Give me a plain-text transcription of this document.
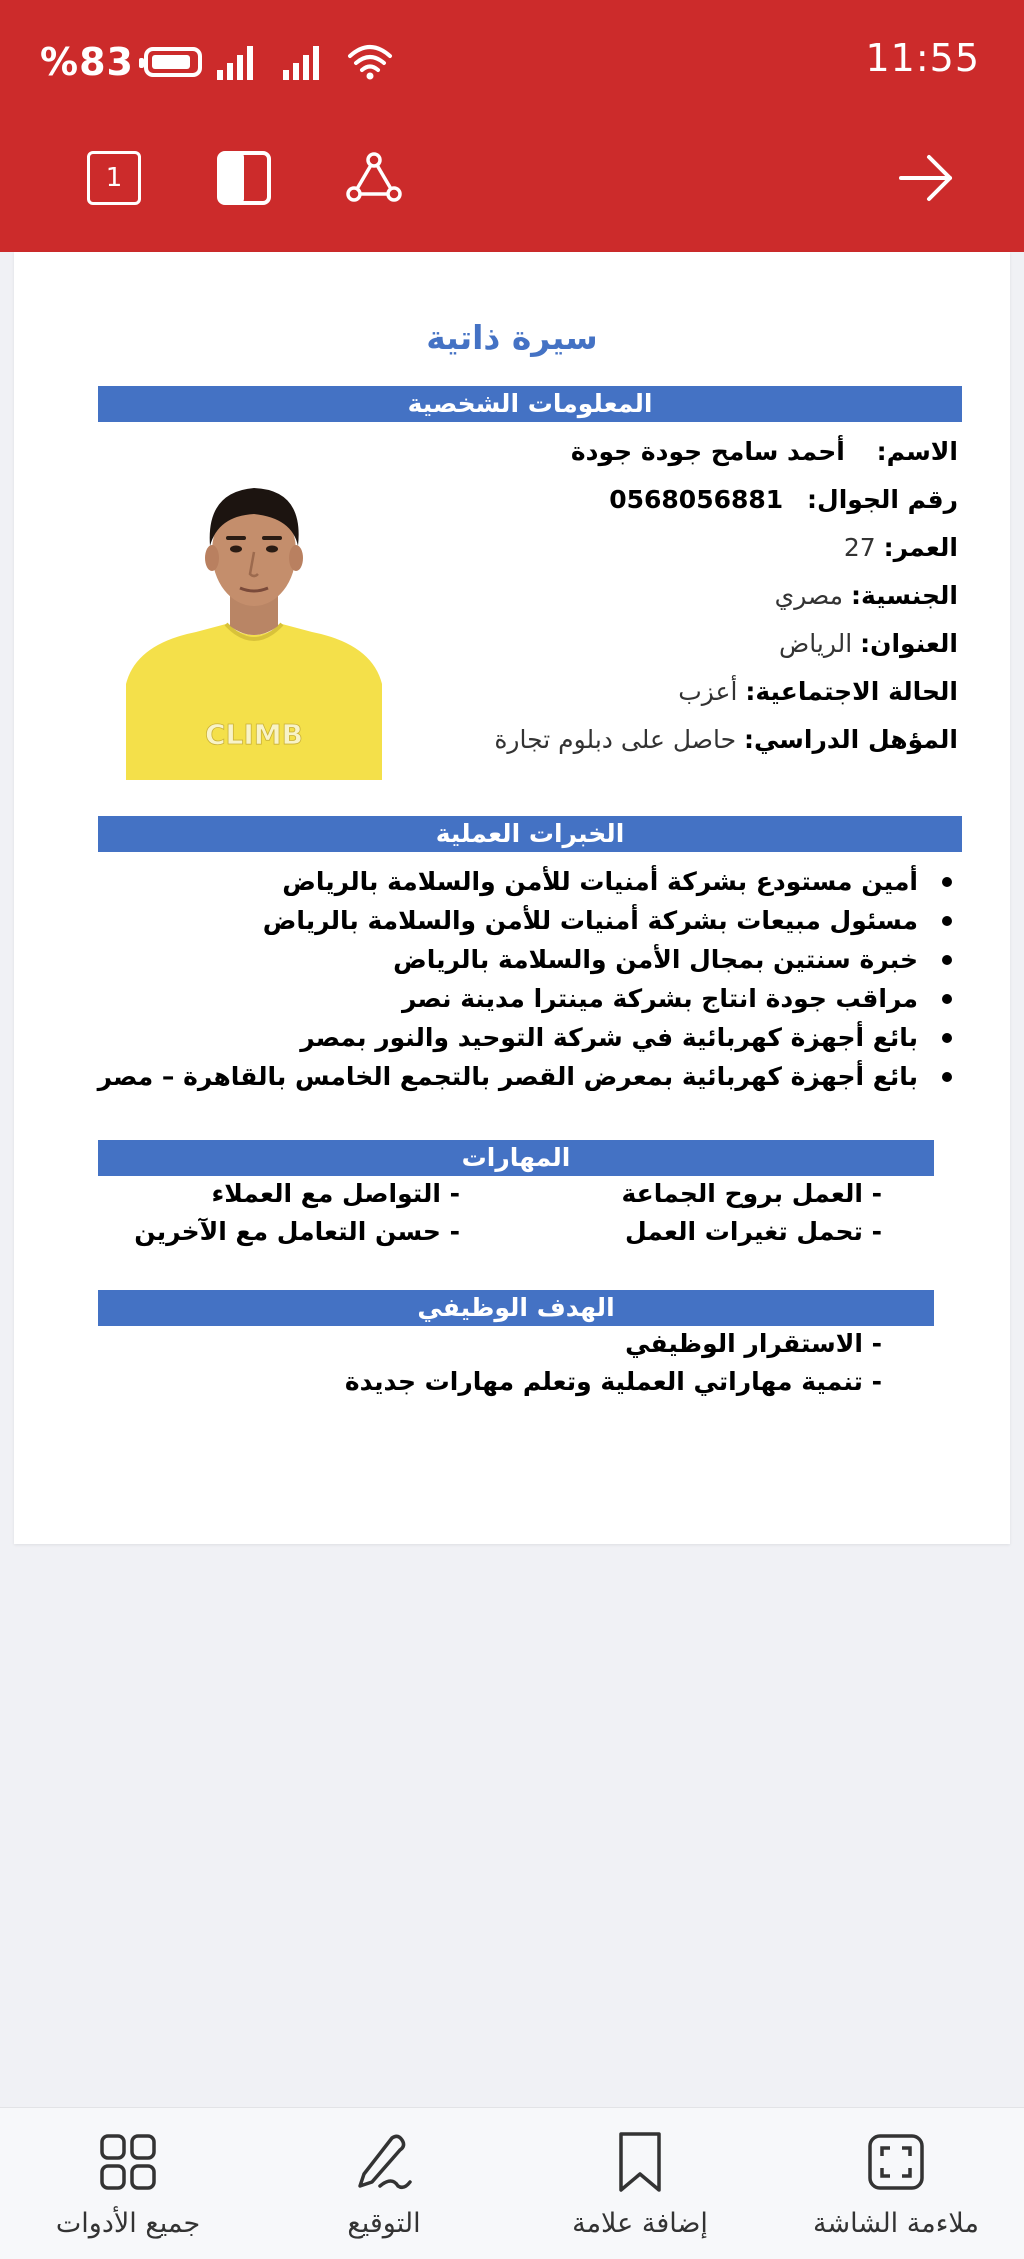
%83	11:55
1
سيرة ذاتية
المعلومات الشخصية
الاسم:    أحمد سامح جودة جودة
رقم الجوال:   0568056881
العمر: 27
الجنسية: مصري
العنوان: الرياض
الحالة الاجتماعية: أعزب
المؤهل الدراسي: حاصل على دبلوم تجارة
CLIMB
الخبرات العملية
أمين مستودع بشركة أمنيات للأمن والسلامة بالرياض
مسئول مبيعات بشركة أمنيات للأمن والسلامة بالرياض
خبرة سنتين بمجال الأمن والسلامة بالرياض
مراقب جودة انتاج بشركة مينترا مدينة نصر
بائع أجهزة كهربائية في شركة التوحيد والنور بمصر
بائع أجهزة كهربائية بمعرض القصر بالتجمع الخامس بالقاهرة – مصر
المهارات
- العمل بروح الجماعة
- تحمل تغيرات العمل
- التواصل مع العملاء
- حسن التعامل مع الآخرين
الهدف الوظيفي
- الاستقرار الوظيفي
- تنمية مهاراتي العملية وتعلم مهارات جديدة
ملاءمة الشاشة
إضافة علامة
التوقيع
جميع الأدوات
